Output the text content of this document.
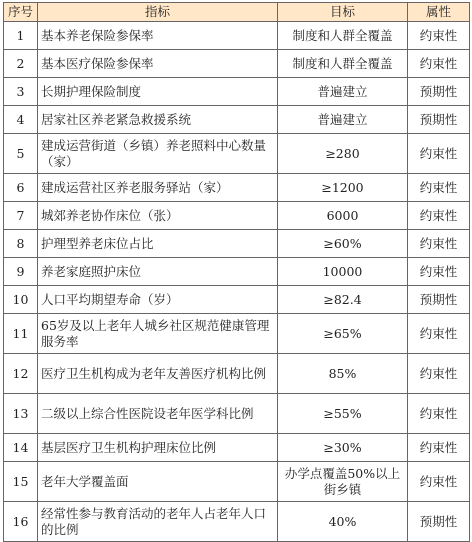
序号	指标	目标	属性
1	基本养老保险参保率	制度和人群全覆盖	约束性
2	基本医疗保险参保率	制度和人群全覆盖	约束性
3	长期护理保险制度	普遍建立	预期性
4	居家社区养老紧急救援系统	普遍建立	预期性
5	建成运营街道（乡镇）养老照料中心数量（家）	≥280	约束性
6	建成运营社区养老服务驿站（家）	≥1200	约束性
7	城郊养老协作床位（张）	6000	约束性
8	护理型养老床位占比	≥60%	约束性
9	养老家庭照护床位	10000	约束性
10	人口平均期望寿命（岁）	≥82.4	预期性
11	65岁及以上老年人城乡社区规范健康管理服务率	≥65%	约束性
12	医疗卫生机构成为老年友善医疗机构比例	85%	约束性
13	二级以上综合性医院设老年医学科比例	≥55%	约束性
14	基层医疗卫生机构护理床位比例	≥30%	约束性
15	老年大学覆盖面	办学点覆盖50%以上街乡镇	约束性
16	经常性参与教育活动的老年人占老年人口的比例	40%	预期性
